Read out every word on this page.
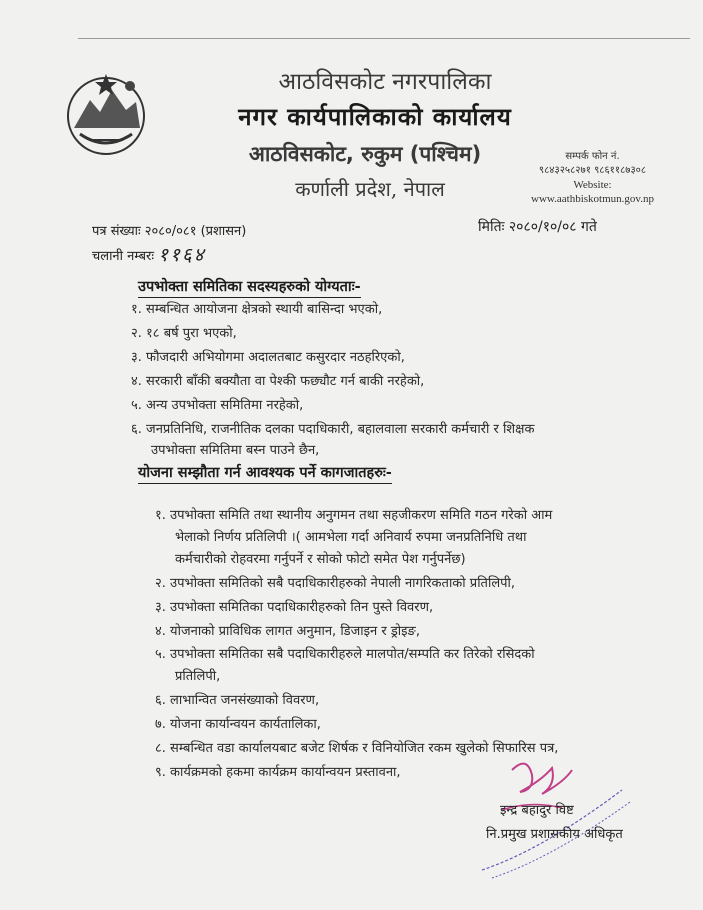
आठविसकोट नगरपालिका
नगर कार्यपालिकाको कार्यालय
आठविसकोट, रुकुम (पश्चिम)
कर्णाली प्रदेश, नेपाल
सम्पर्क फोन नं.
९८४३२५८२७१ ९८६११८७३०८
Website:
www.aathbiskotmun.gov.np
पत्र संख्याः २०८०/०८१ (प्रशासन)
चलानी नम्बरः ११६४
मितिः २०८०/१०/०८ गते
उपभोक्ता समितिका सदस्यहरुको योग्यताः-
१. सम्बन्धित आयोजना क्षेत्रको स्थायी बासिन्दा भएको,
२. १८ बर्ष पुरा भएको,
३. फौजदारी अभियोगमा अदालतबाट कसुरदार नठहरिएको,
४. सरकारी बाँकी बक्यौता वा पेश्की फछ्यौट गर्न बाकी नरहेको,
५. अन्य उपभोक्ता समितिमा नरहेको,
६. जनप्रतिनिधि, राजनीतिक दलका पदाधिकारी, बहालवाला सरकारी कर्मचारी र शिक्षक
उपभोक्ता समितिमा बस्न पाउने छैन,
योजना सम्झौता गर्न आवश्यक पर्ने कागजातहरुः-
१. उपभोक्ता समिति तथा स्थानीय अनुगमन तथा सहजीकरण समिति गठन गरेको आम
भेलाको निर्णय प्रतिलिपी ।( आमभेला गर्दा अनिवार्य रुपमा जनप्रतिनिधि तथा
कर्मचारीको रोहवरमा गर्नुपर्ने र सोको फोटो समेत पेश गर्नुपर्नेछ)
२. उपभोक्ता समितिको सबै पदाधिकारीहरुको नेपाली नागरिकताको प्रतिलिपी,
३. उपभोक्ता समितिका पदाधिकारीहरुको तिन पुस्ते विवरण,
४. योजनाको प्राविधिक लागत अनुमान, डिजाइन र ड्रोइङ,
५. उपभोक्ता समितिका सबै पदाधिकारीहरुले मालपोत/सम्पति कर तिरेको रसिदको
प्रतिलिपी,
६. लाभान्वित जनसंख्याको विवरण,
७. योजना कार्यान्वयन कार्यतालिका,
८. सम्बन्धित वडा कार्यालयबाट बजेट शिर्षक र विनियोजित रकम खुलेको सिफारिस पत्र,
९. कार्यक्रमको हकमा कार्यक्रम कार्यान्वयन प्रस्तावना,
इन्द्र बहादुर विष्ट
नि.प्रमुख प्रशासकीय अधिकृत
